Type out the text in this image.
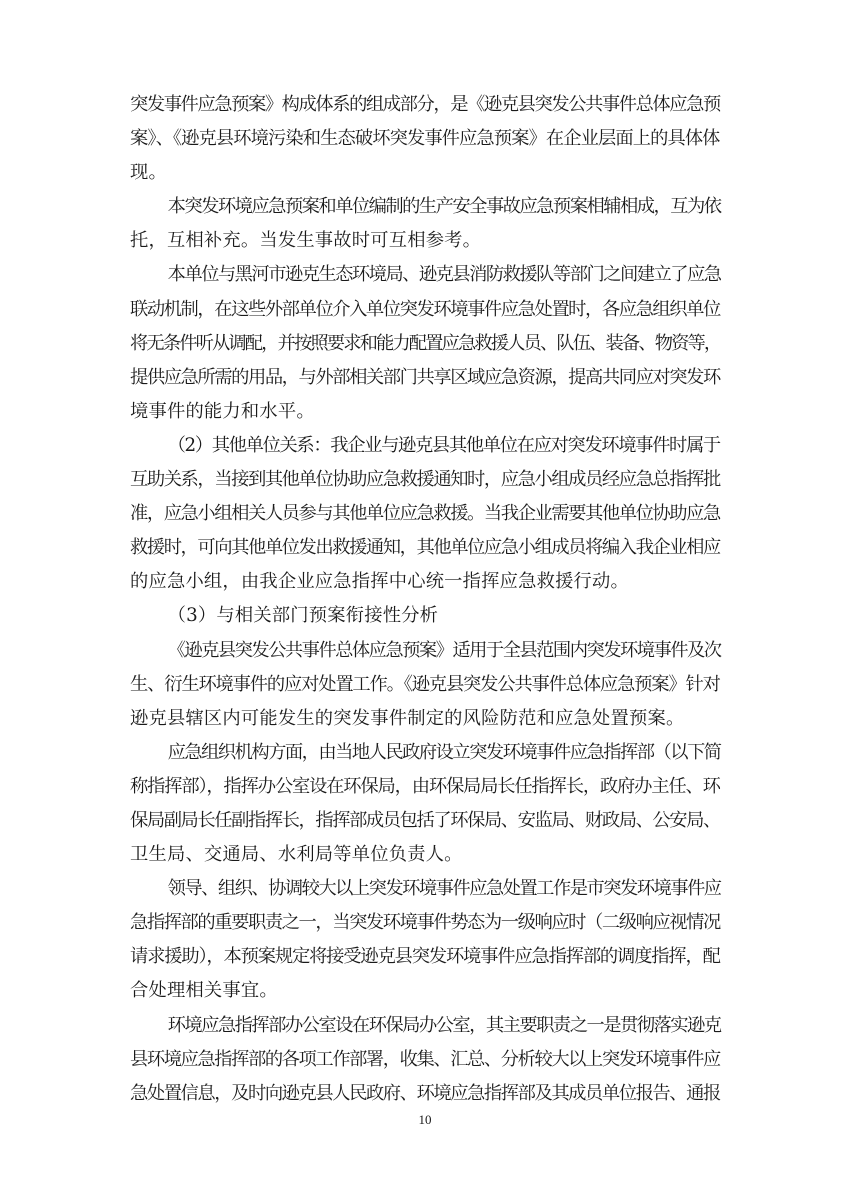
突发事件应急预案》构成体系的组成部分，是《逊克县突发公共事件总体应急预
案》、《逊克县环境污染和生态破坏突发事件应急预案》在企业层面上的具体体
现。
本突发环境应急预案和单位编制的生产安全事故应急预案相辅相成，互为依
托，互相补充。当发生事故时可互相参考。
本单位与黑河市逊克生态环境局、逊克县消防救援队等部门之间建立了应急
联动机制，在这些外部单位介入单位突发环境事件应急处置时，各应急组织单位
将无条件听从调配，并按照要求和能力配置应急救援人员、队伍、装备、物资等，
提供应急所需的用品，与外部相关部门共享区域应急资源，提高共同应对突发环
境事件的能力和水平。
（2）其他单位关系：我企业与逊克县其他单位在应对突发环境事件时属于
互助关系，当接到其他单位协助应急救援通知时，应急小组成员经应急总指挥批
准，应急小组相关人员参与其他单位应急救援。当我企业需要其他单位协助应急
救援时，可向其他单位发出救援通知，其他单位应急小组成员将编入我企业相应
的应急小组，由我企业应急指挥中心统一指挥应急救援行动。
（3）与相关部门预案衔接性分析
《逊克县突发公共事件总体应急预案》适用于全县范围内突发环境事件及次
生、衍生环境事件的应对处置工作。《逊克县突发公共事件总体应急预案》针对
逊克县辖区内可能发生的突发事件制定的风险防范和应急处置预案。
应急组织机构方面，由当地人民政府设立突发环境事件应急指挥部（以下简
称指挥部），指挥办公室设在环保局，由环保局局长任指挥长，政府办主任、环
保局副局长任副指挥长，指挥部成员包括了环保局、安监局、财政局、公安局、
卫生局、交通局、水利局等单位负责人。
领导、组织、协调较大以上突发环境事件应急处置工作是市突发环境事件应
急指挥部的重要职责之一，当突发环境事件势态为一级响应时（二级响应视情况
请求援助），本预案规定将接受逊克县突发环境事件应急指挥部的调度指挥，配
合处理相关事宜。
环境应急指挥部办公室设在环保局办公室，其主要职责之一是贯彻落实逊克
县环境应急指挥部的各项工作部署，收集、汇总、分析较大以上突发环境事件应
急处置信息，及时向逊克县人民政府、环境应急指挥部及其成员单位报告、通报
10
